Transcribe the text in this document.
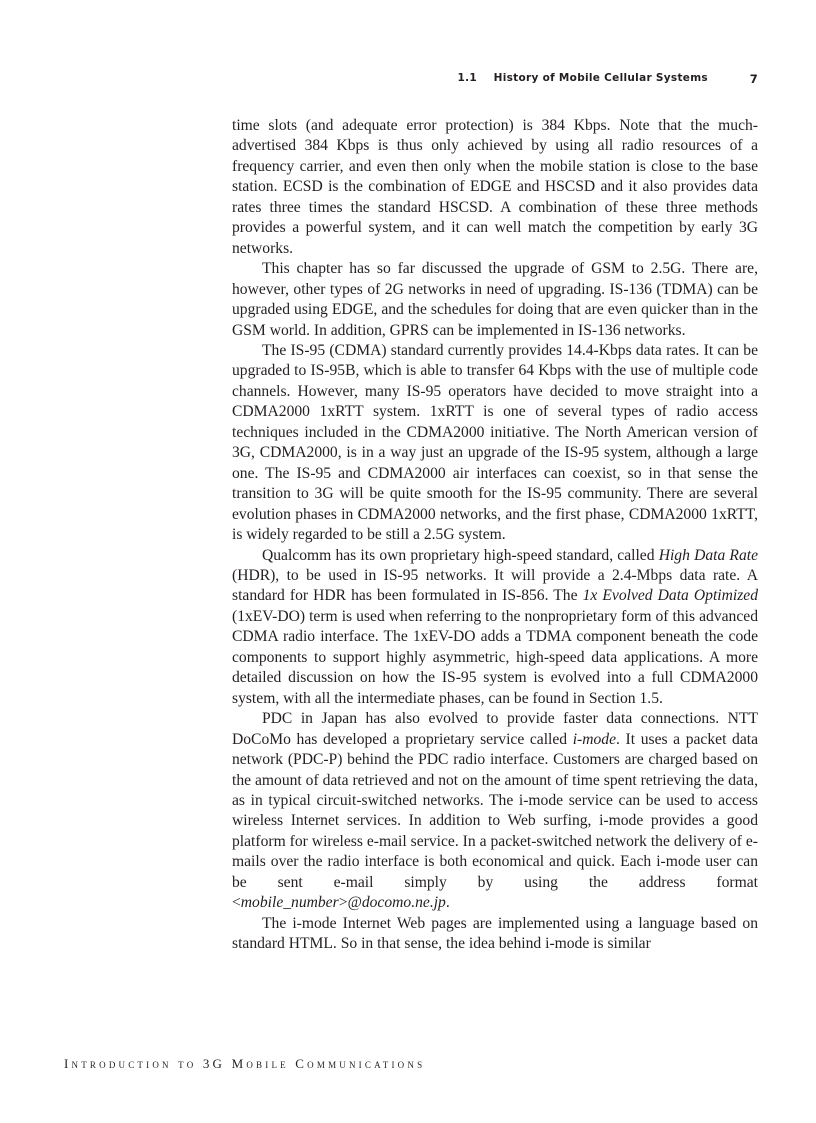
1.1 History of Mobile Cellular Systems	7

time slots (and adequate error protection) is 384 Kbps. Note that the much-advertised 384 Kbps is thus only achieved by using all radio resources of a frequency carrier, and even then only when the mobile station is close to the base station. ECSD is the combination of EDGE and HSCSD and it also provides data rates three times the standard HSCSD. A combination of these three methods provides a powerful system, and it can well match the competition by early 3G networks.

This chapter has so far discussed the upgrade of GSM to 2.5G. There are, however, other types of 2G networks in need of upgrading. IS-136 (TDMA) can be upgraded using EDGE, and the schedules for doing that are even quicker than in the GSM world. In addition, GPRS can be implemented in IS-136 networks.

The IS-95 (CDMA) standard currently provides 14.4-Kbps data rates. It can be upgraded to IS-95B, which is able to transfer 64 Kbps with the use of multiple code channels. However, many IS-95 operators have decided to move straight into a CDMA2000 1xRTT system. 1xRTT is one of several types of radio access techniques included in the CDMA2000 initiative. The North American version of 3G, CDMA2000, is in a way just an upgrade of the IS-95 system, although a large one. The IS-95 and CDMA2000 air interfaces can coexist, so in that sense the transition to 3G will be quite smooth for the IS-95 community. There are several evolution phases in CDMA2000 networks, and the first phase, CDMA2000 1xRTT, is widely regarded to be still a 2.5G system.

Qualcomm has its own proprietary high-speed standard, called High Data Rate (HDR), to be used in IS-95 networks. It will provide a 2.4-Mbps data rate. A standard for HDR has been formulated in IS-856. The 1x Evolved Data Optimized (1xEV-DO) term is used when referring to the nonproprietary form of this advanced CDMA radio interface. The 1xEV-DO adds a TDMA component beneath the code components to support highly asymmetric, high-speed data applications. A more detailed discussion on how the IS-95 system is evolved into a full CDMA2000 system, with all the intermediate phases, can be found in Section 1.5.

PDC in Japan has also evolved to provide faster data connections. NTT DoCoMo has developed a proprietary service called i-mode. It uses a packet data network (PDC-P) behind the PDC radio interface. Customers are charged based on the amount of data retrieved and not on the amount of time spent retrieving the data, as in typical circuit-switched networks. The i-mode service can be used to access wireless Internet services. In addition to Web surfing, i-mode provides a good platform for wireless e-mail service. In a packet-switched network the delivery of e-mails over the radio interface is both economical and quick. Each i-mode user can be sent e-mail simply by using the address format <mobile_number>@docomo.ne.jp.

The i-mode Internet Web pages are implemented using a language based on standard HTML. So in that sense, the idea behind i-mode is similar

Introduction to 3G Mobile Communications
